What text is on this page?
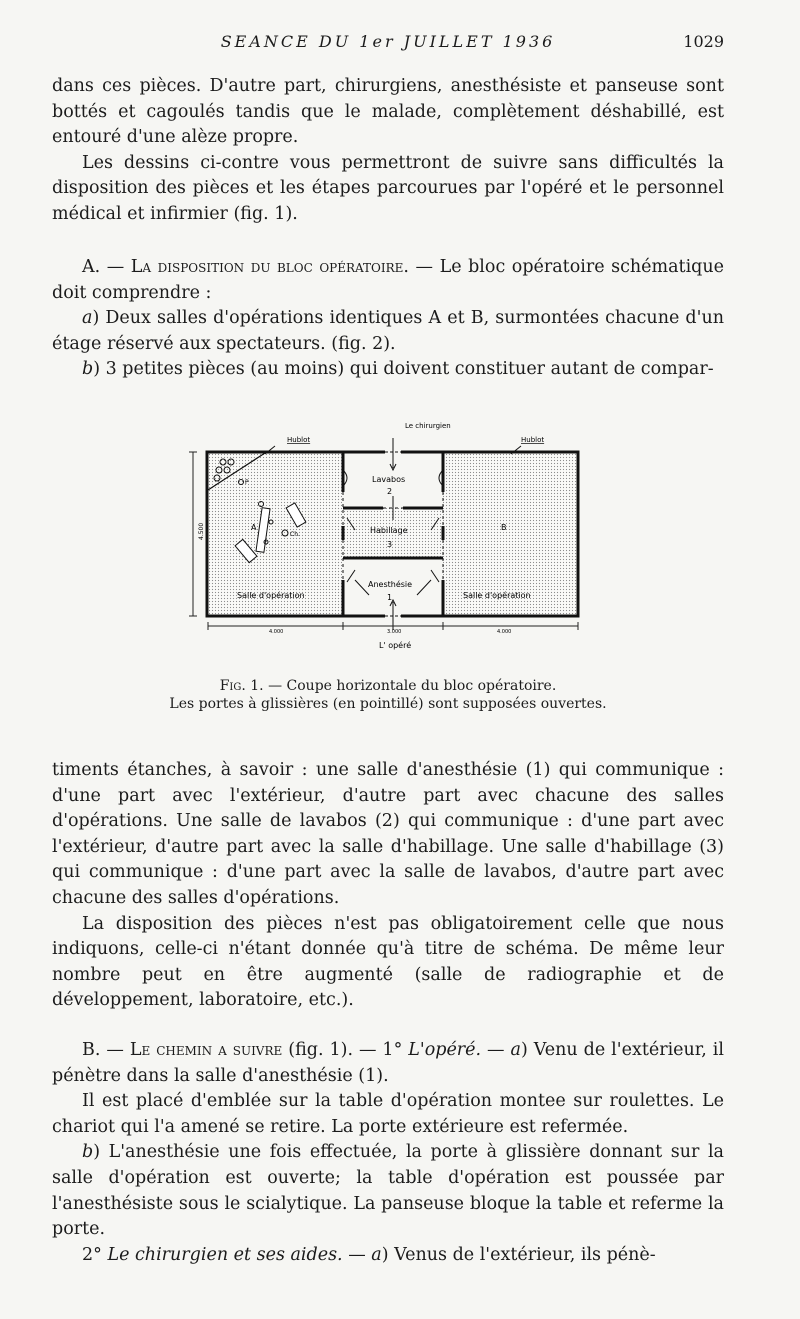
SEANCE DU 1er JUILLET 1936	1029

dans ces pièces. D'autre part, chirurgiens, anesthésiste et panseuse sont bottés et cagoulés tandis que le malade, complètement déshabillé, est entouré d'une alèze propre.

Les dessins ci-contre vous permettront de suivre sans difficultés la disposition des pièces et les étapes parcourues par l'opéré et le personnel médical et infirmier (fig. 1).

A. — La disposition du bloc opératoire. — Le bloc opératoire schématique doit comprendre :

a) Deux salles d'opérations identiques A et B, surmontées chacune d'un étage réservé aux spectateurs. (fig. 2).

b) 3 petites pièces (au moins) qui doivent constituer autant de compar-

4.500
P
Ch.
A	B
Lavabos
2
Habillage
3
Anesthésie
1
Salle d'opération	Salle d'opération
Le chirurgien
Hublot	Hublot
4.000	3.000	4.000
L' opéré
Fig. 1. — Coupe horizontale du bloc opératoire.
Les portes à glissières (en pointillé) sont supposées ouvertes.

timents étanches, à savoir : une salle d'anesthésie (1) qui communique : d'une part avec l'extérieur, d'autre part avec chacune des salles d'opérations. Une salle de lavabos (2) qui communique : d'une part avec l'extérieur, d'autre part avec la salle d'habillage. Une salle d'habillage (3) qui communique : d'une part avec la salle de lavabos, d'autre part avec chacune des salles d'opérations.

La disposition des pièces n'est pas obligatoirement celle que nous indiquons, celle-ci n'étant donnée qu'à titre de schéma. De même leur nombre peut en être augmenté (salle de radiographie et de développement, laboratoire, etc.).

B. — Le chemin a suivre (fig. 1). — 1° L'opéré. — a) Venu de l'extérieur, il pénètre dans la salle d'anesthésie (1).

Il est placé d'emblée sur la table d'opération montee sur roulettes. Le chariot qui l'a amené se retire. La porte extérieure est refermée.

b) L'anesthésie une fois effectuée, la porte à glissière donnant sur la salle d'opération est ouverte; la table d'opération est poussée par l'anesthésiste sous le scialytique. La panseuse bloque la table et referme la porte.

2° Le chirurgien et ses aides. — a) Venus de l'extérieur, ils pénè-
